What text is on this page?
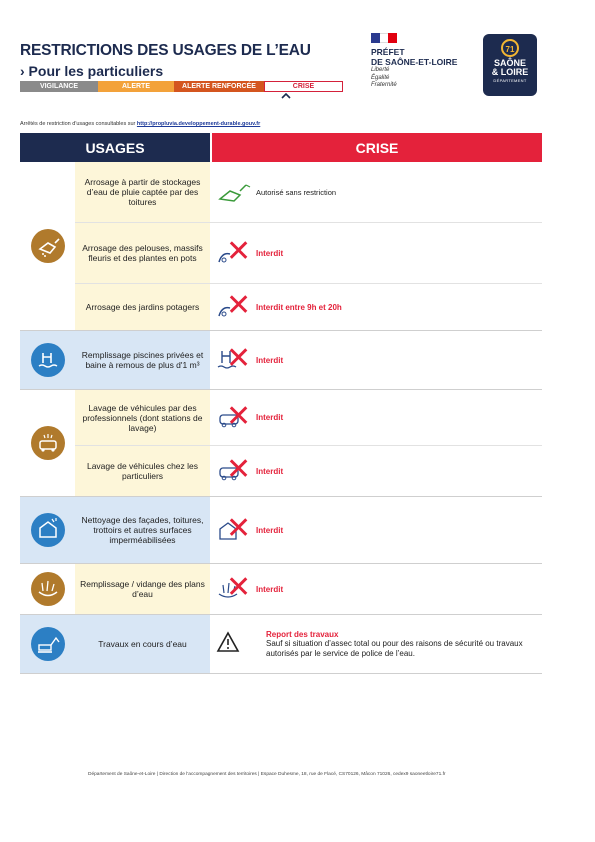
RESTRICTIONS DES USAGES DE L’EAU
› Pour les particuliers
VIGILANCE	ALERTE	ALERTE RENFORCÉE	CRISE
PRÉFET
DE SAÔNE-ET-LOIRE
Liberté
Égalité
Fraternité
71
SAÔNE
& LOIRE
DÉPARTEMENT
Arrêtés de restriction d'usages consultables sur http://propluvia.developpement-durable.gouv.fr
USAGES	CRISE
Arrosage à partir de stockages d’eau de pluie captée par des toitures
Autorisé sans restriction
Arrosage des pelouses, massifs fleuris et des plantes en pots ✕ Interdit
Arrosage des jardins potagers ✕ Interdit entre 9h et 20h
Remplissage piscines privées et baine à remous de plus d'1 m³ ✕ Interdit
Lavage de véhicules par des professionnels (dont stations de lavage)	✕ Interdit
Lavage de véhicules chez les particuliers	✕ Interdit
Nettoyage des façades, toitures, trottoirs et autres surfaces imperméabilisées	✕ Interdit
Remplissage / vidange des plans d’eau	✕ Interdit
Travaux en cours d’eau
Report des travaux
Sauf si situation d’assec total ou pour des raisons de sécurité ou travaux autorisés par le service de police de l’eau.
Département de Saône-et-Loire | Direction de l'accompagnement des territoires | Espace Duhesme, 18, rue de Flacé, CS70126, Mâcon 71026, cedex9 saoneetloire71.fr
